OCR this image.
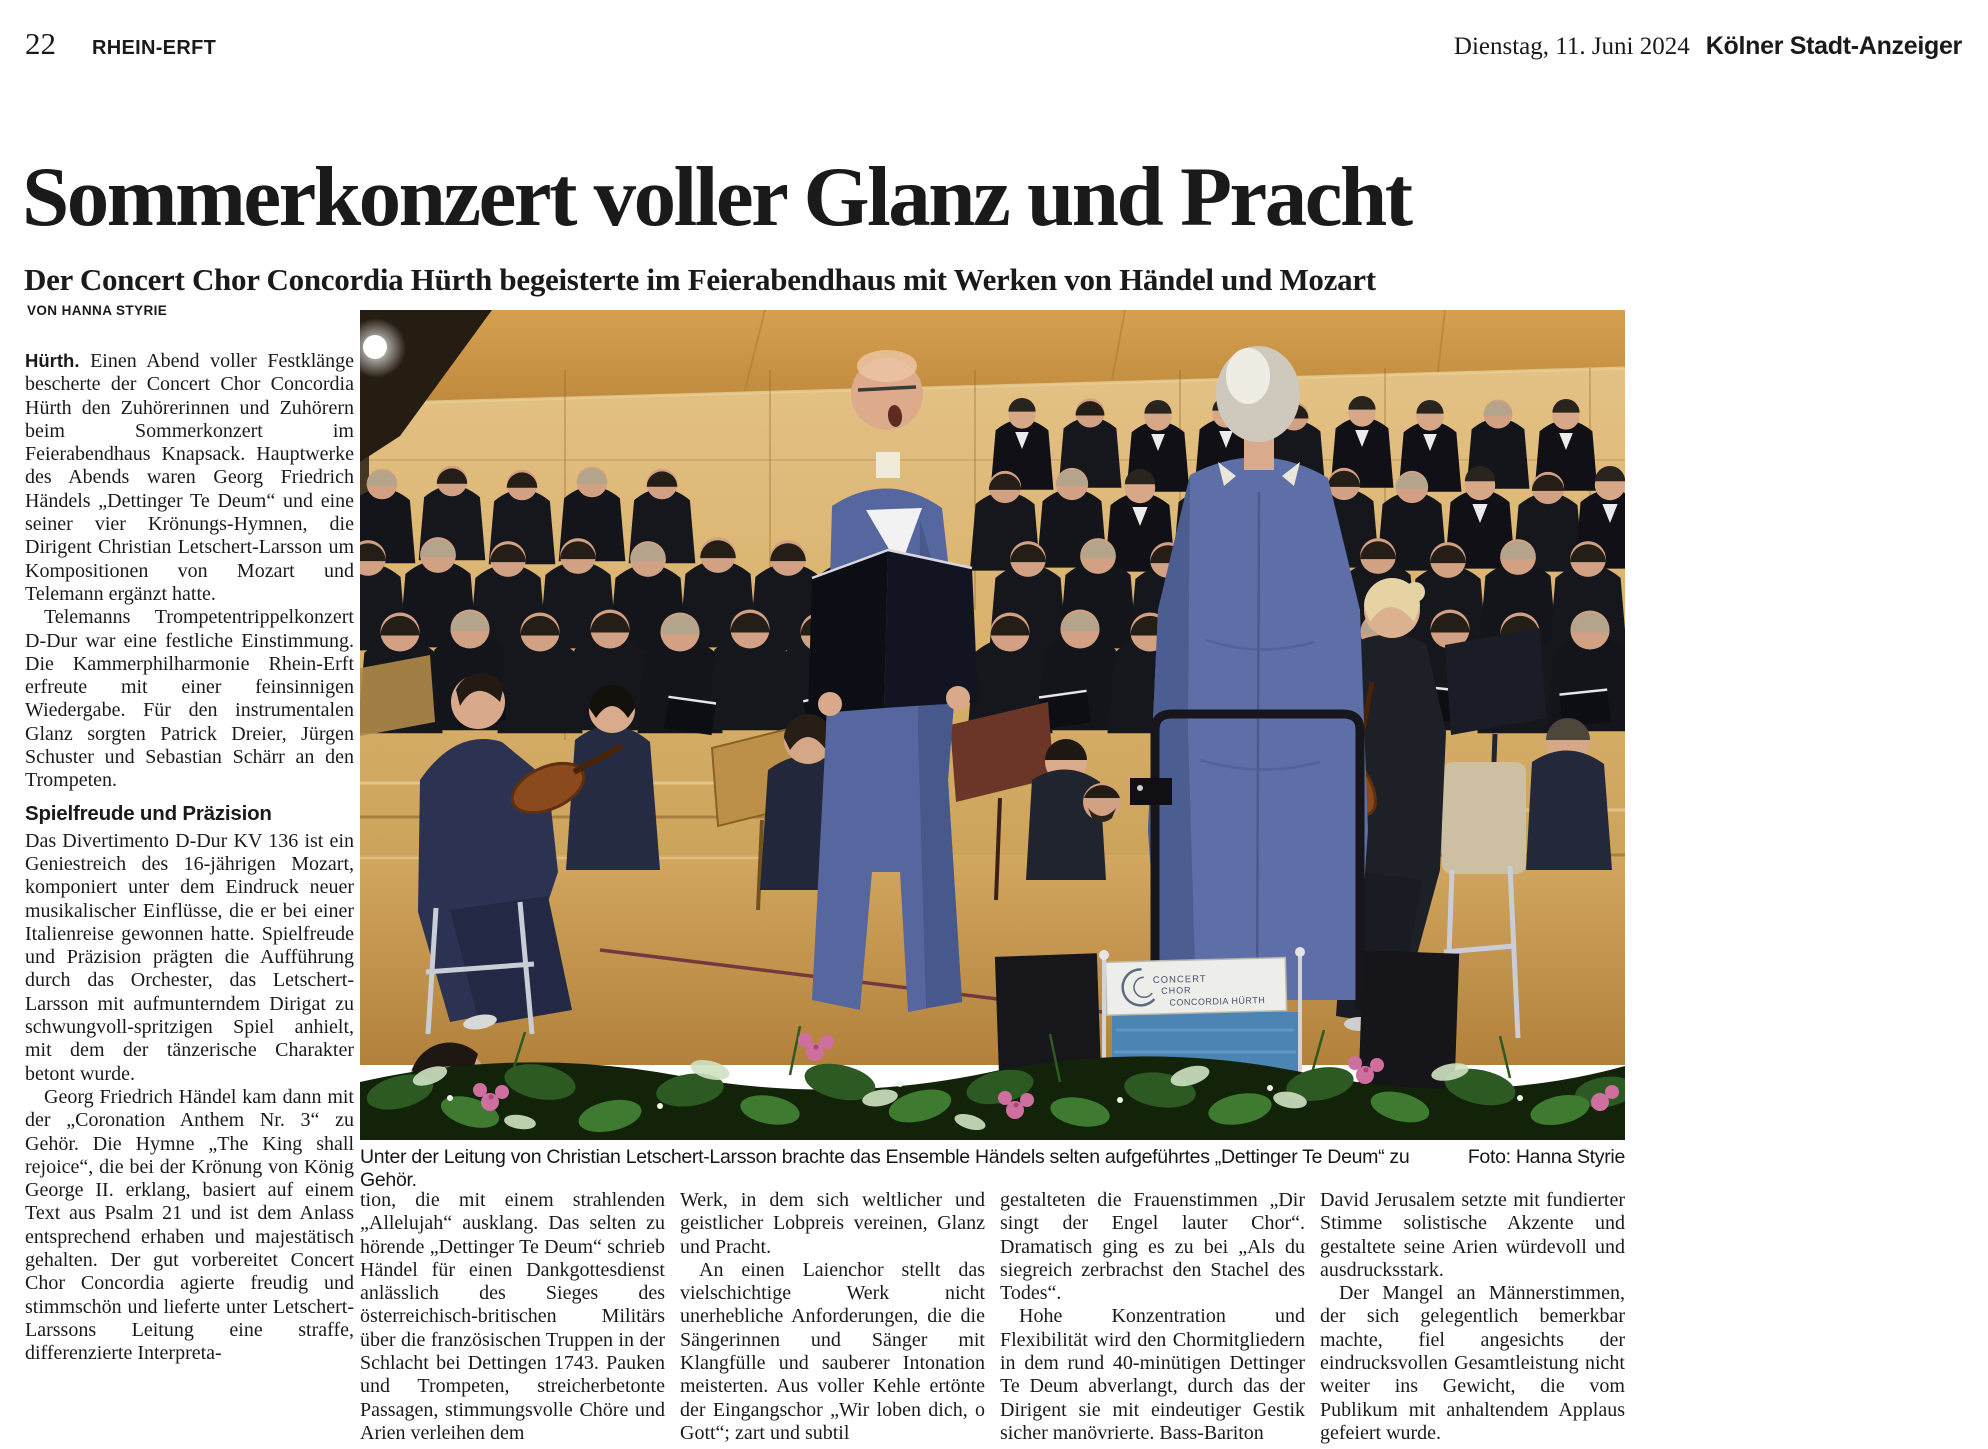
22 RHEIN-ERFT	Dienstag, 11. Juni 2024 Kölner Stadt-Anzeiger
Sommerkonzert voller Glanz und Pracht
Der Concert Chor Concordia Hürth begeisterte im Feierabendhaus mit Werken von Händel und Mozart
VON HANNA STYRIE

Hürth. Einen Abend voller Festklänge bescherte der Concert Chor Concordia Hürth den Zuhörerinnen und Zuhörern beim Sommerkonzert im Feierabendhaus Knapsack. Hauptwerke des Abends waren Georg Friedrich Händels „Dettinger Te Deum“ und eine seiner vier Krönungs-Hymnen, die Dirigent Christian Letschert-Larsson um Kompositionen von Mozart und Telemann ergänzt hatte.

Telemanns Trompetentrippelkonzert D-Dur war eine festliche Einstimmung. Die Kammerphilharmonie Rhein-Erft erfreute mit einer feinsinnigen Wiedergabe. Für den instrumentalen Glanz sorgten Patrick Dreier, Jürgen Schuster und Sebastian Schärr an den Trompeten.

Spielfreude und Präzision

Das Divertimento D-Dur KV 136 ist ein Geniestreich des 16-jährigen Mozart, komponiert unter dem Eindruck neuer musikalischer Einflüsse, die er bei einer Italienreise gewonnen hatte. Spielfreude und Präzision prägten die Aufführung durch das Orchester, das Letschert-Larsson mit aufmunterndem Dirigat zu schwungvoll-spritzigen Spiel anhielt, mit dem der tänzerische Charakter betont wurde.

Georg Friedrich Händel kam dann mit der „Coronation Anthem Nr. 3“ zu Gehör. Die Hymne „The King shall rejoice“, die bei der Krönung von König George II. erklang, basiert auf einem Text aus Psalm 21 und ist dem Anlass entsprechend erhaben und majestätisch gehalten. Der gut vorbereitet Concert Chor Concordia agierte freudig und stimmschön und lieferte unter Letschert-Larssons Leitung eine straffe, differenzierte Interpreta-

CONCERT
CHOR
CONCORDIA HÜRTH
Unter der Leitung von Christian Letschert-Larsson brachte das Ensemble Händels selten aufgeführtes „Dettinger Te Deum“ zu Gehör.
Foto: Hanna Styrie

tion, die mit einem strahlenden „Allelujah“ ausklang. Das selten zu hörende „Dettinger Te Deum“ schrieb Händel für einen Dankgottesdienst anlässlich des Sieges des österreichisch-britischen Militärs über die französischen Truppen in der Schlacht bei Dettingen 1743. Pauken und Trompeten, streicherbetonte Passagen, stimmungsvolle Chöre und Arien verleihen dem

Werk, in dem sich weltlicher und geistlicher Lobpreis vereinen, Glanz und Pracht.

An einen Laienchor stellt das vielschichtige Werk nicht unerhebliche Anforderungen, die die Sängerinnen und Sänger mit Klangfülle und sauberer Intonation meisterten. Aus voller Kehle ertönte der Eingangschor „Wir loben dich, o Gott“; zart und subtil

gestalteten die Frauenstimmen „Dir singt der Engel lauter Chor“. Dramatisch ging es zu bei „Als du siegreich zerbrachst den Stachel des Todes“.

Hohe Konzentration und Flexibilität wird den Chormitgliedern in dem rund 40-minütigen Dettinger Te Deum abverlangt, durch das der Dirigent sie mit eindeutiger Gestik sicher manövrierte. Bass-Bariton

David Jerusalem setzte mit fundierter Stimme solistische Akzente und gestaltete seine Arien würdevoll und ausdrucksstark.

Der Mangel an Männerstimmen, der sich gelegentlich bemerkbar machte, fiel angesichts der eindrucksvollen Gesamtleistung nicht weiter ins Gewicht, die vom Publikum mit anhaltendem Applaus gefeiert wurde.
